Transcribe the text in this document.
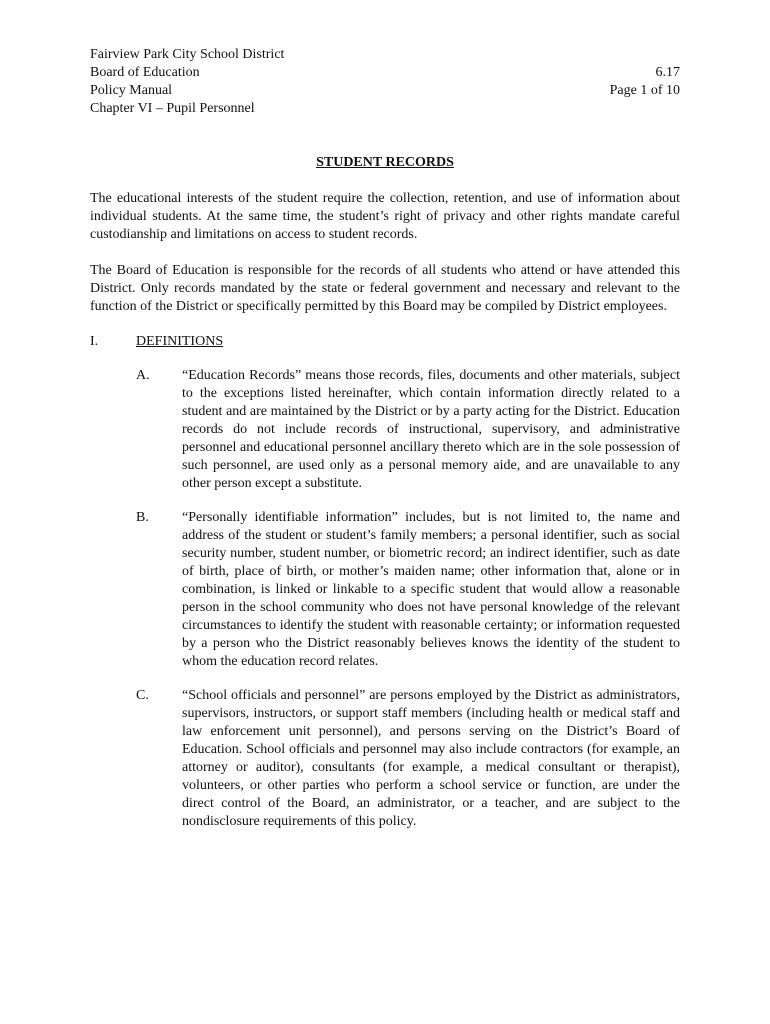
Fairview Park City School District
Board of Education
Policy Manual
Chapter VI – Pupil Personnel
6.17
Page 1 of 10
STUDENT RECORDS
The educational interests of the student require the collection, retention, and use of information about individual students. At the same time, the student’s right of privacy and other rights mandate careful custodianship and limitations on access to student records.
The Board of Education is responsible for the records of all students who attend or have attended this District. Only records mandated by the state or federal government and necessary and relevant to the function of the District or specifically permitted by this Board may be compiled by District employees.
I.	DEFINITIONS
A.	“Education Records” means those records, files, documents and other materials, subject to the exceptions listed hereinafter, which contain information directly related to a student and are maintained by the District or by a party acting for the District. Education records do not include records of instructional, supervisory, and administrative personnel and educational personnel ancillary thereto which are in the sole possession of such personnel, are used only as a personal memory aide, and are unavailable to any other person except a substitute.
B.	“Personally identifiable information” includes, but is not limited to, the name and address of the student or student’s family members; a personal identifier, such as social security number, student number, or biometric record; an indirect identifier, such as date of birth, place of birth, or mother’s maiden name; other information that, alone or in combination, is linked or linkable to a specific student that would allow a reasonable person in the school community who does not have personal knowledge of the relevant circumstances to identify the student with reasonable certainty; or information requested by a person who the District reasonably believes knows the identity of the student to whom the education record relates.
C.	“School officials and personnel” are persons employed by the District as administrators, supervisors, instructors, or support staff members (including health or medical staff and law enforcement unit personnel), and persons serving on the District’s Board of Education. School officials and personnel may also include contractors (for example, an attorney or auditor), consultants (for example, a medical consultant or therapist), volunteers, or other parties who perform a school service or function, are under the direct control of the Board, an administrator, or a teacher, and are subject to the nondisclosure requirements of this policy.
